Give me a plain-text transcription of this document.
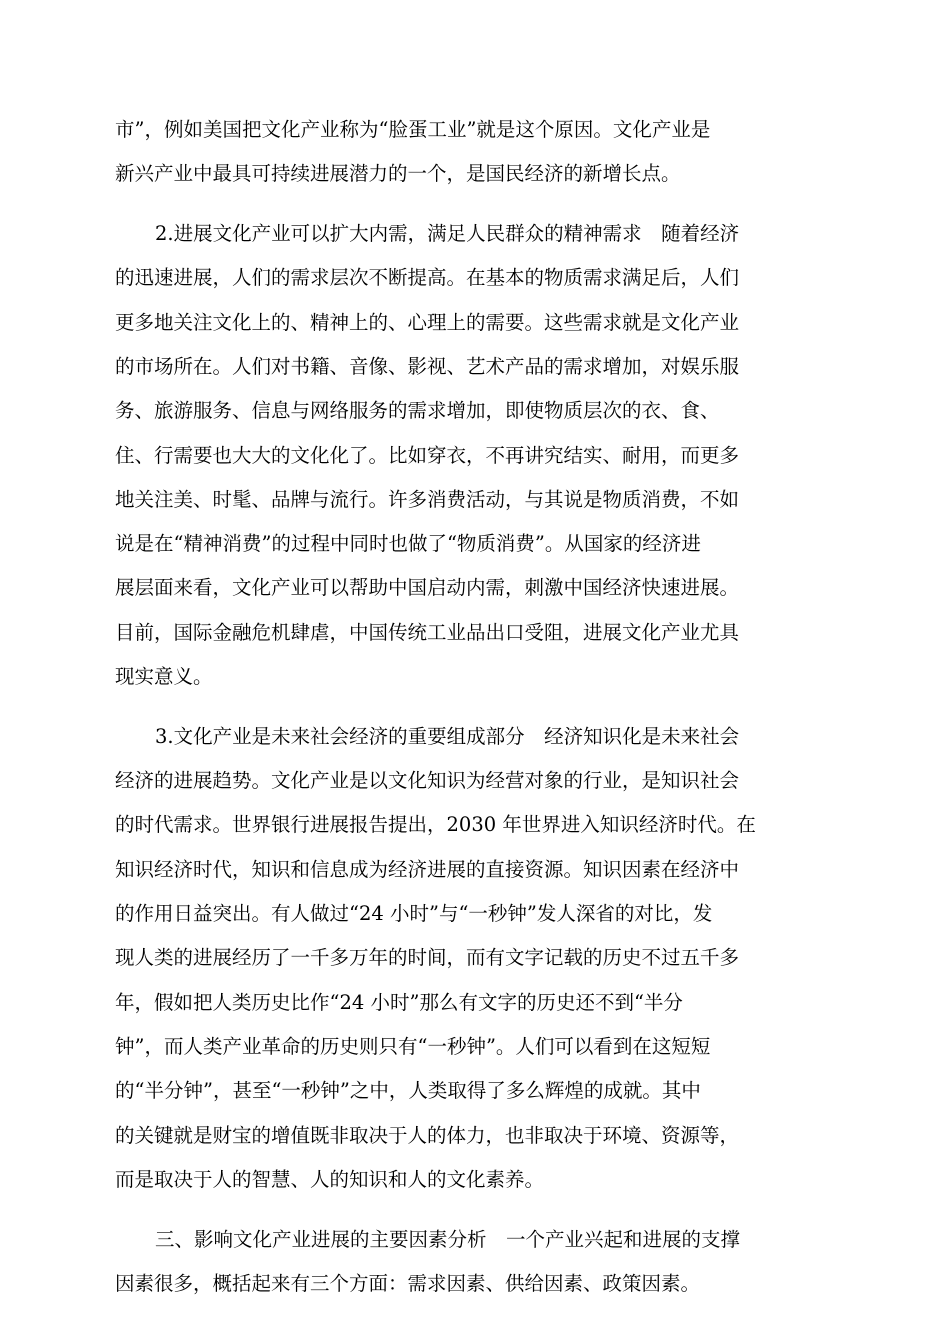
市”，例如美国把文化产业称为“脸蛋工业”就是这个原因。文化产业是
新兴产业中最具可持续进展潜力的一个，是国民经济的新增长点。
2.进展文化产业可以扩大内需，满足人民群众的精神需求　随着经济
的迅速进展，人们的需求层次不断提高。在基本的物质需求满足后，人们
更多地关注文化上的、精神上的、心理上的需要。这些需求就是文化产业
的市场所在。人们对书籍、音像、影视、艺术产品的需求增加，对娱乐服
务、旅游服务、信息与网络服务的需求增加，即使物质层次的衣、食、
住、行需要也大大的文化化了。比如穿衣，不再讲究结实、耐用，而更多
地关注美、时髦、品牌与流行。许多消费活动，与其说是物质消费，不如
说是在“精神消费”的过程中同时也做了“物质消费”。从国家的经济进
展层面来看，文化产业可以帮助中国启动内需，刺激中国经济快速进展。
目前，国际金融危机肆虐，中国传统工业品出口受阻，进展文化产业尤具
现实意义。
3.文化产业是未来社会经济的重要组成部分　经济知识化是未来社会
经济的进展趋势。文化产业是以文化知识为经营对象的行业，是知识社会
的时代需求。世界银行进展报告提出，2030 年世界进入知识经济时代。在
知识经济时代，知识和信息成为经济进展的直接资源。知识因素在经济中
的作用日益突出。有人做过“24 小时”与“一秒钟”发人深省的对比，发
现人类的进展经历了一千多万年的时间，而有文字记载的历史不过五千多
年，假如把人类历史比作“24 小时”那么有文字的历史还不到“半分
钟”，而人类产业革命的历史则只有“一秒钟”。人们可以看到在这短短
的“半分钟”，甚至“一秒钟”之中，人类取得了多么辉煌的成就。其中
的关键就是财宝的增值既非取决于人的体力，也非取决于环境、资源等，
而是取决于人的智慧、人的知识和人的文化素养。
三、影响文化产业进展的主要因素分析　一个产业兴起和进展的支撑
因素很多，概括起来有三个方面：需求因素、供给因素、政策因素。
